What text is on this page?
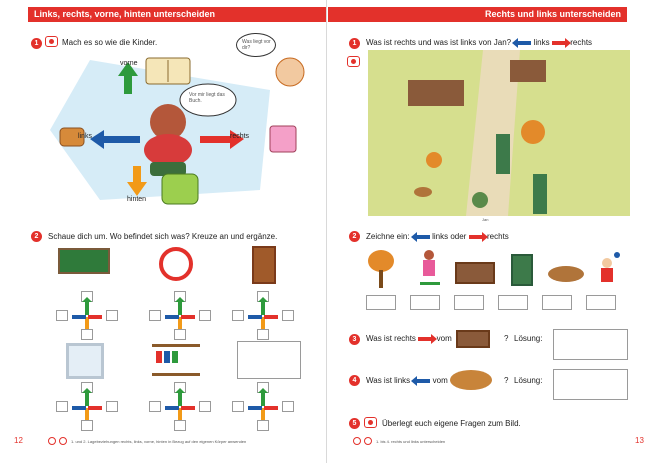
Links, rechts, vorne, hinten unterscheiden
1	Mach es so wie die Kinder.
vorne
links	rechts
hinten
Vor mir liegt das Buch.
Was liegt vor dir?
2	Schaue dich um. Wo befindet sich was? Kreuze an und ergänze.
12	1. und 2. Lagebeziehungen rechts, links, vorne, hinten in Bezug auf den eigenen Körper anwenden
Rechts und links unterscheiden
1	Was ist rechts und was ist links von Jan?	links	rechts
Jan
2	Zeichne ein:	links oder	rechts
3	Was ist rechts	vom	? Lösung:
4	Was ist links	vom	? Lösung:
5	Überlegt euch eigene Fragen zum Bild.
1. bis 4. rechts und links unterscheiden	13
